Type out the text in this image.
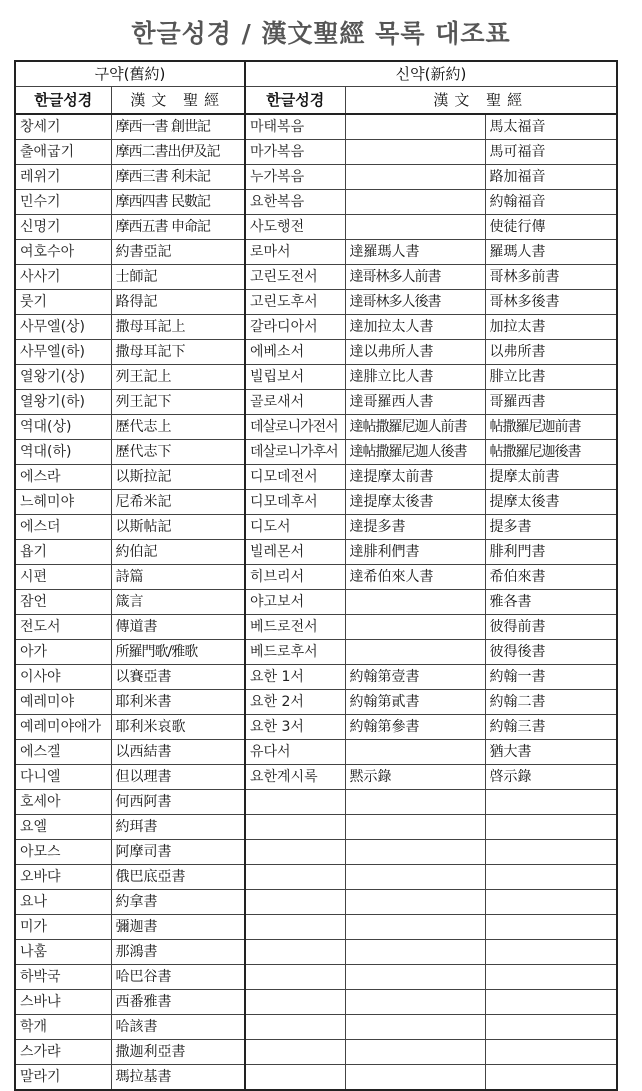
한글성경 / 漢文聖經 목록 대조표
구약(舊約)		신약(新約)		
한글성경	漢文 聖經	한글성경	漢文 聖經	
창세기	摩西一書 創世記	마태복음		馬太福音
출애굽기	摩西二書出伊及記	마가복음		馬可福音
레위기	摩西三書 利未記	누가복음		路加福音
민수기	摩西四書 民數記	요한복음		約翰福音
신명기	摩西五書 申命記	사도행전		使徒行傳
여호수아	約書亞記	로마서	達羅瑪人書	羅瑪人書
사사기	士師記	고린도전서	達哥林多人前書	哥林多前書
룻기	路得記	고린도후서	達哥林多人後書	哥林多後書
사무엘(상)	撒母耳記上	갈라디아서	達加拉太人書	加拉太書
사무엘(하)	撒母耳記下	에베소서	達以弗所人書	以弗所書
열왕기(상)	列王記上	빌립보서	達腓立比人書	腓立比書
열왕기(하)	列王記下	골로새서	達哥羅西人書	哥羅西書
역대(상)	歷代志上	데살로니가전서	達帖撒羅尼迦人前書	帖撒羅尼迦前書
역대(하)	歷代志下	데살로니가후서	達帖撒羅尼迦人後書	帖撒羅尼迦後書
에스라	以斯拉記	디모데전서	達提摩太前書	提摩太前書
느헤미야	尼希米記	디모데후서	達提摩太後書	提摩太後書
에스더	以斯帖記	디도서	達提多書	提多書
욥기	約伯記	빌레몬서	達腓利們書	腓利門書
시편	詩篇	히브리서	達希伯來人書	希伯來書
잠언	箴言	야고보서		雅各書
전도서	傳道書	베드로전서		彼得前書
아가	所羅門歌/雅歌	베드로후서		彼得後書
이사야	以賽亞書	요한 1서	約翰第壹書	約翰一書
예레미야	耶利米書	요한 2서	約翰第貳書	約翰二書
예레미야애가	耶利米哀歌	요한 3서	約翰第參書	約翰三書
에스겔	以西結書	유다서		猶大書
다니엘	但以理書	요한계시록	黙示錄	啓示錄
호세아	何西阿書			
요엘	約珥書			
아모스	阿摩司書			
오바댜	俄巴底亞書			
요나	約拿書			
미가	彌迦書			
나훔	那鴻書			
하박국	哈巴谷書			
스바냐	西番雅書			
학개	哈該書			
스가랴	撒迦利亞書			
말라기	瑪拉基書			
